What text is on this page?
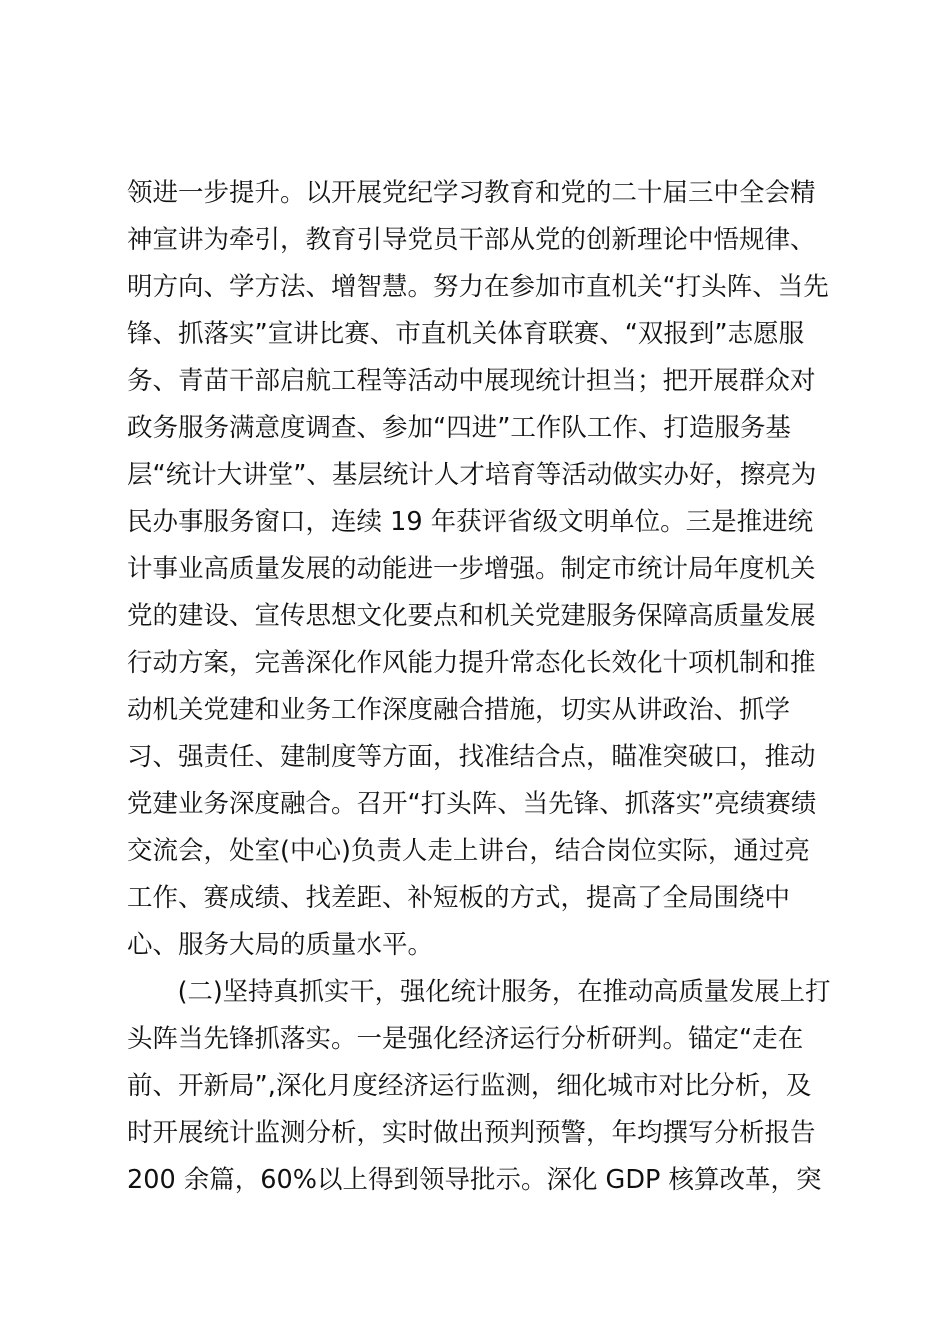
领进一步提升。以开展党纪学习教育和党的二十届三中全会精
神宣讲为牵引，教育引导党员干部从党的创新理论中悟规律、
明方向、学方法、增智慧。努力在参加市直机关“打头阵、当先
锋、抓落实”宣讲比赛、市直机关体育联赛、“双报到”志愿服
务、青苗干部启航工程等活动中展现统计担当；把开展群众对
政务服务满意度调查、参加“四进”工作队工作、打造服务基
层“统计大讲堂”、基层统计人才培育等活动做实办好，擦亮为
民办事服务窗口，连续 19 年获评省级文明单位。三是推进统
计事业高质量发展的动能进一步增强。制定市统计局年度机关
党的建设、宣传思想文化要点和机关党建服务保障高质量发展
行动方案，完善深化作风能力提升常态化长效化十项机制和推
动机关党建和业务工作深度融合措施，切实从讲政治、抓学
习、强责任、建制度等方面，找准结合点，瞄准突破口，推动
党建业务深度融合。召开“打头阵、当先锋、抓落实”亮绩赛绩
交流会，处室(中心)负责人走上讲台，结合岗位实际，通过亮
工作、赛成绩、找差距、补短板的方式，提高了全局围绕中
心、服务大局的质量水平。
　　(二)坚持真抓实干，强化统计服务，在推动高质量发展上打
头阵当先锋抓落实。一是强化经济运行分析研判。锚定“走在
前、开新局”,深化月度经济运行监测，细化城市对比分析，及
时开展统计监测分析，实时做出预判预警，年均撰写分析报告
200 余篇，60%以上得到领导批示。深化 GDP 核算改革，突
